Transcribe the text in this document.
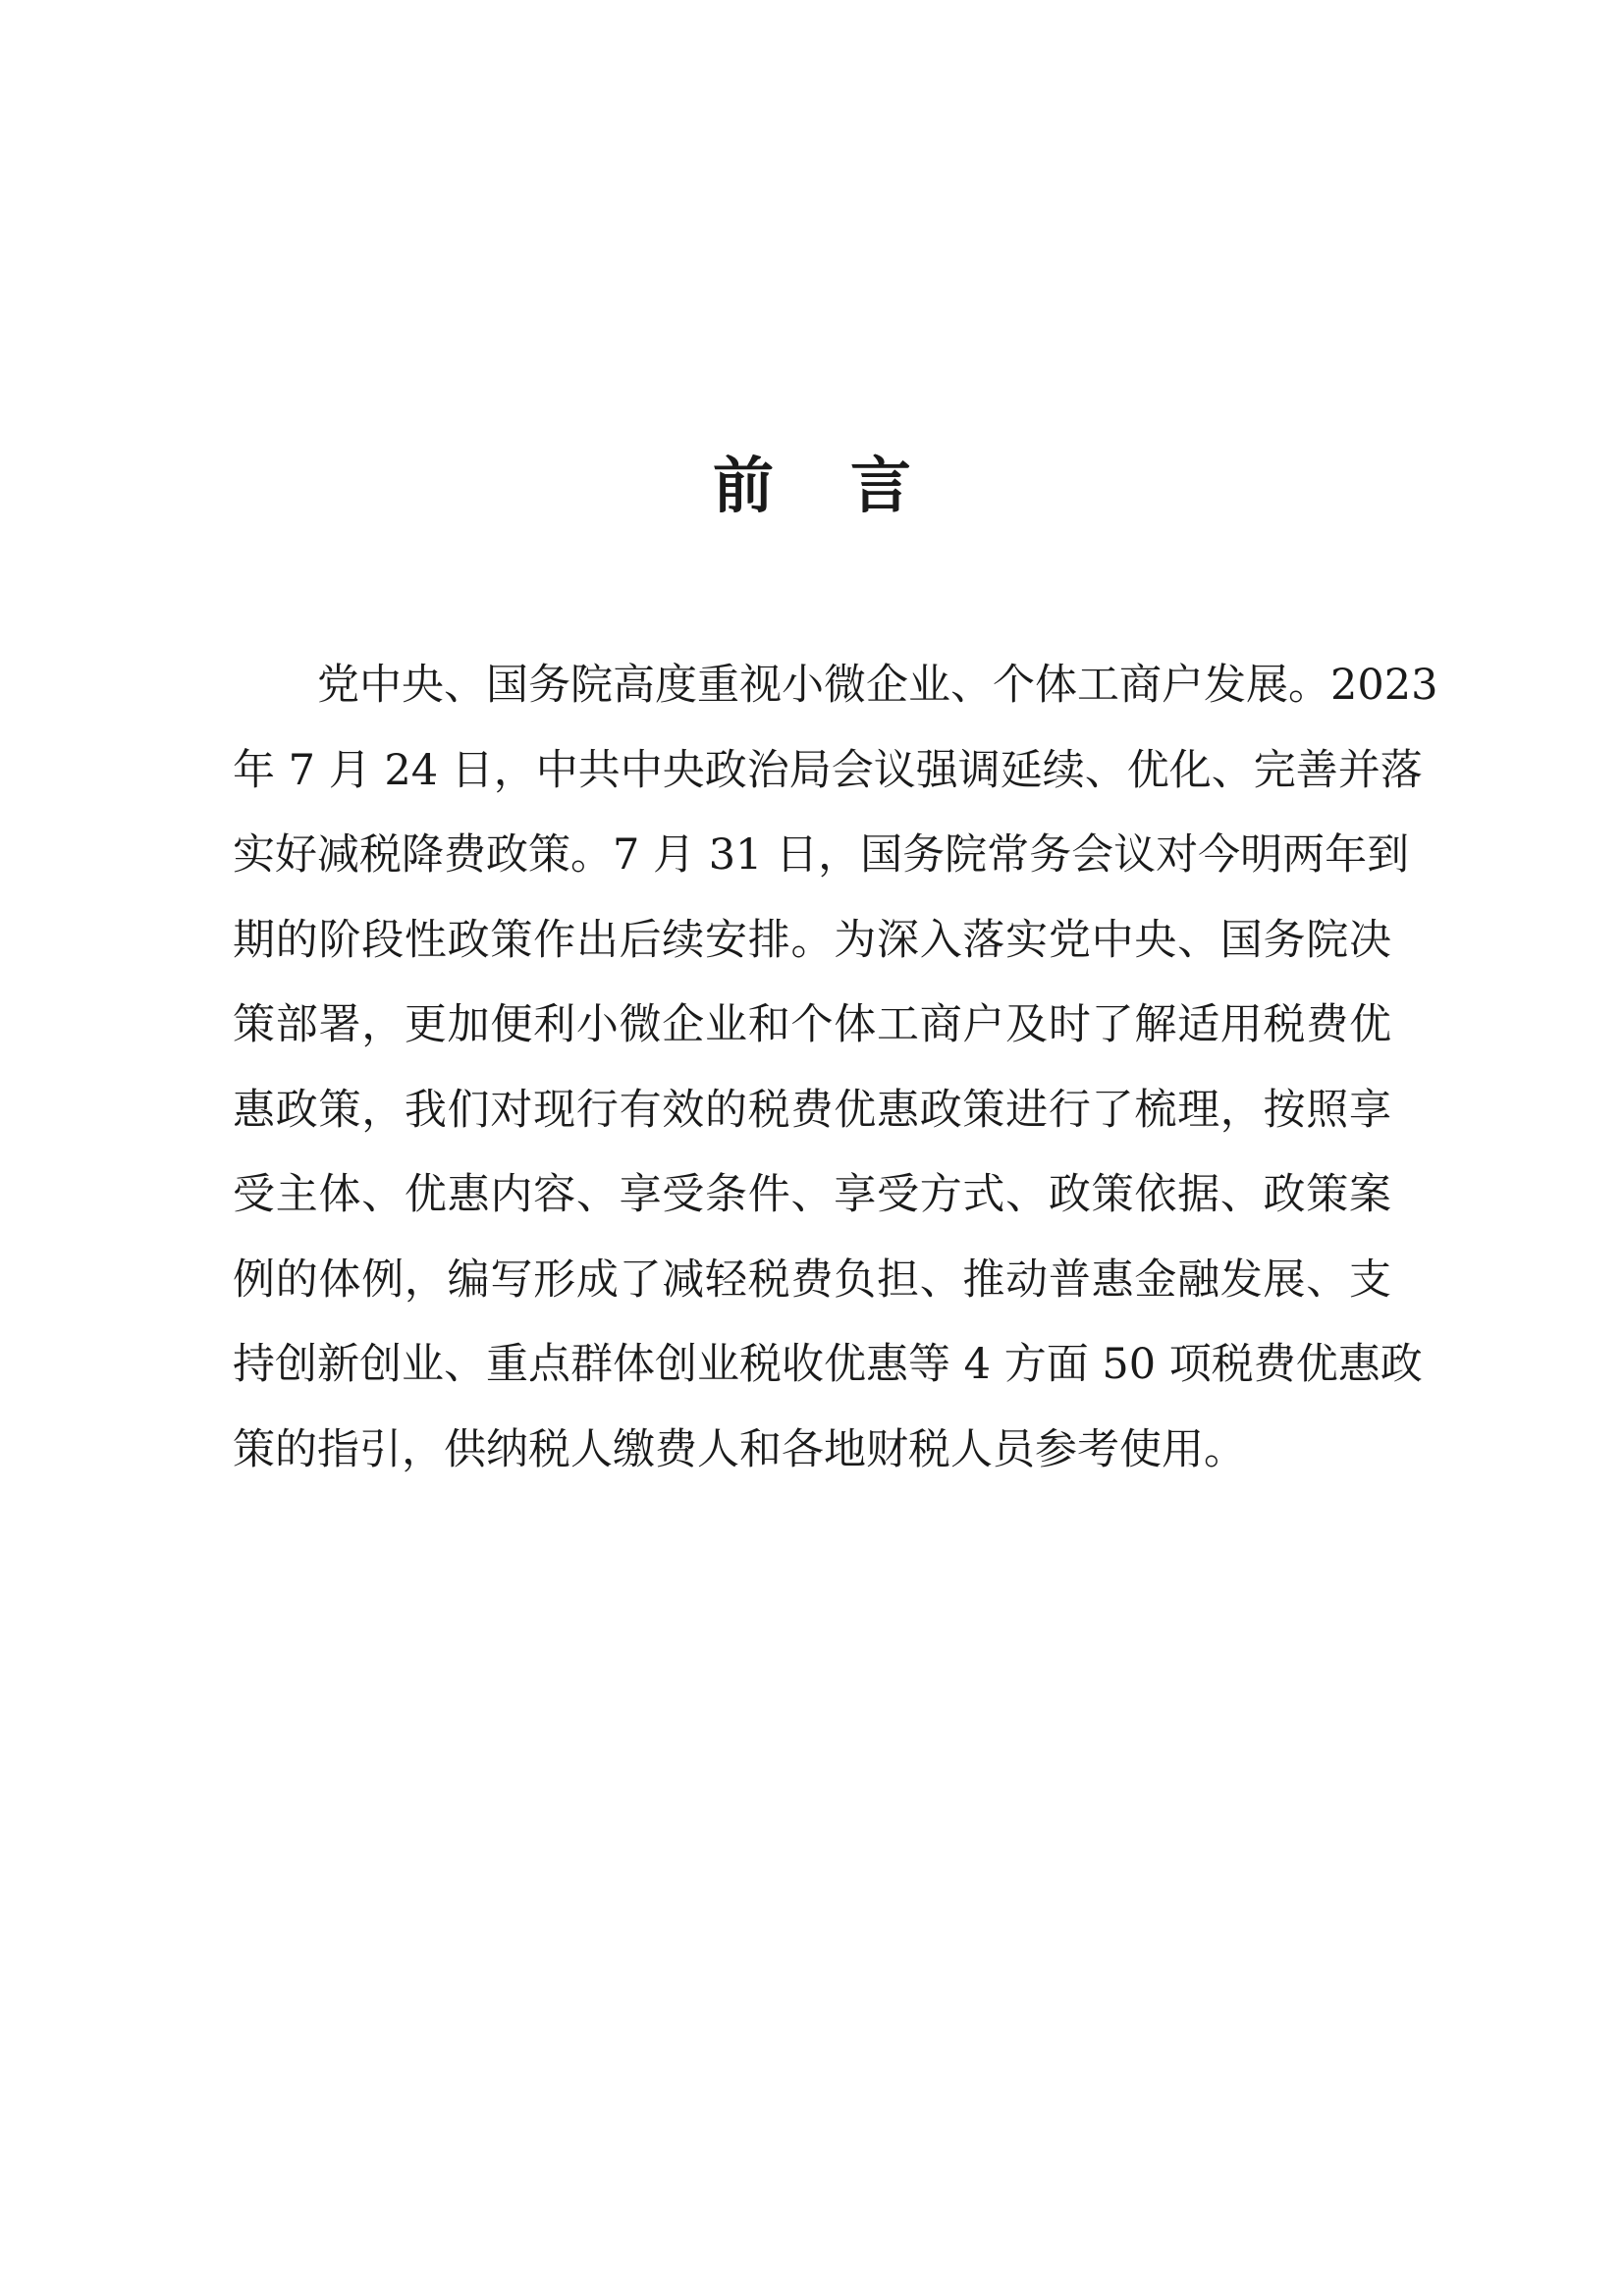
前 言
党中央、国务院高度重视小微企业、个体工商户发展。2023
年 7 月 24 日，中共中央政治局会议强调延续、优化、完善并落
实好减税降费政策。7 月 31 日，国务院常务会议对今明两年到
期的阶段性政策作出后续安排。为深入落实党中央、国务院决
策部署，更加便利小微企业和个体工商户及时了解适用税费优
惠政策，我们对现行有效的税费优惠政策进行了梳理，按照享
受主体、优惠内容、享受条件、享受方式、政策依据、政策案
例的体例，编写形成了减轻税费负担、推动普惠金融发展、支
持创新创业、重点群体创业税收优惠等 4 方面 50 项税费优惠政
策的指引，供纳税人缴费人和各地财税人员参考使用。
